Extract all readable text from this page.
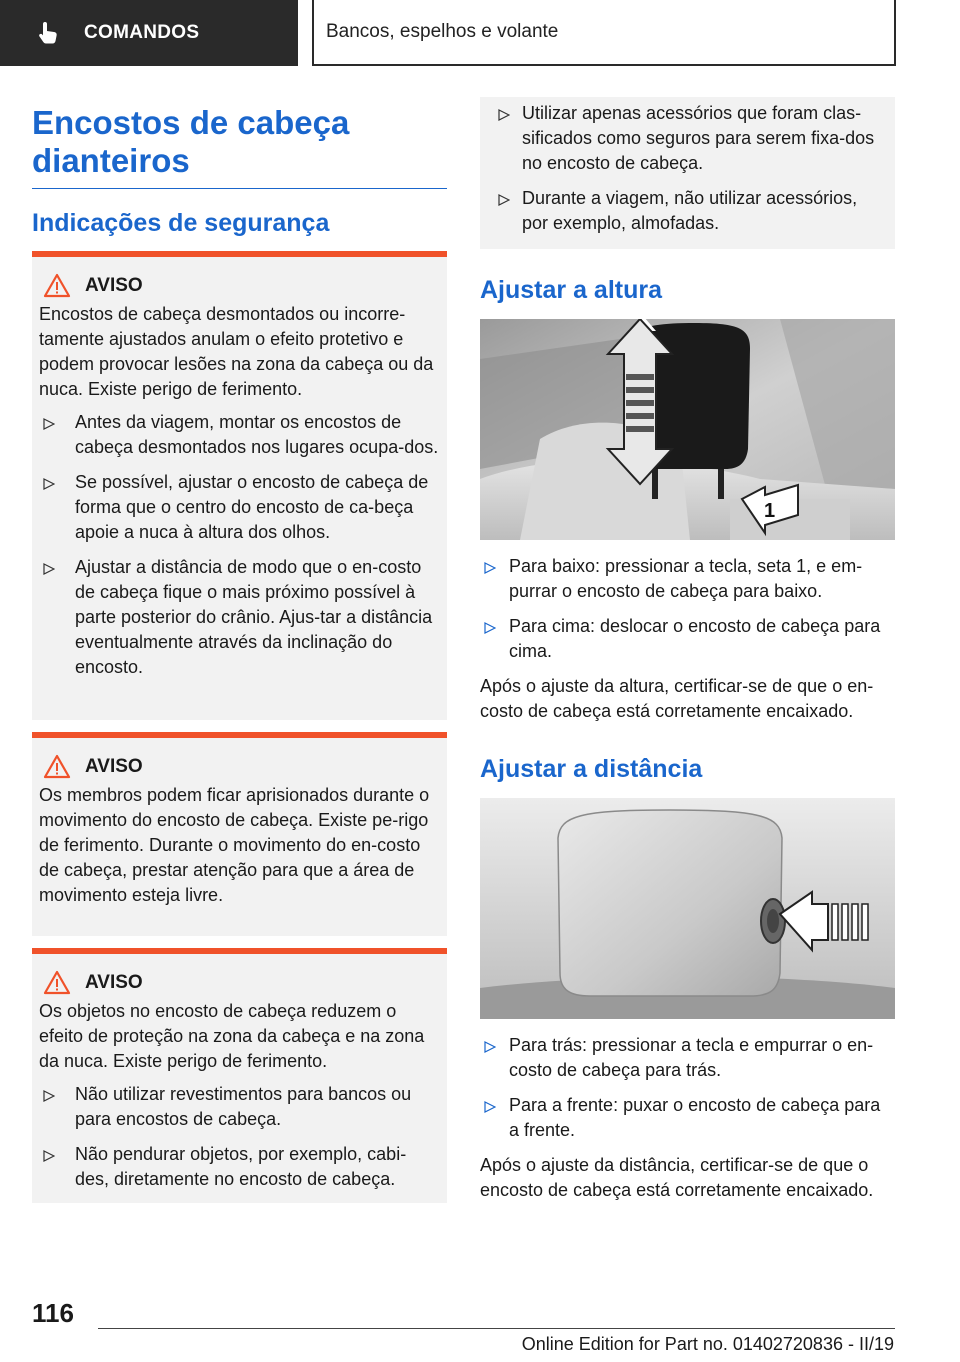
COMANDOS	Bancos, espelhos e volante
Encostos de cabeça dianteiros
Indicações de segurança
AVISO

Encostos de cabeça desmontados ou incorre-tamente ajustados anulam o efeito protetivo e podem provocar lesões na zona da cabeça ou da nuca. Existe perigo de ferimento.

Antes da viagem, montar os encostos de cabeça desmontados nos lugares ocupa-dos.
Se possível, ajustar o encosto de cabeça de forma que o centro do encosto de ca-beça apoie a nuca à altura dos olhos.
Ajustar a distância de modo que o en-costo de cabeça fique o mais próximo possível à parte posterior do crânio. Ajus-tar a distância eventualmente através da inclinação do encosto.
AVISO

Os membros podem ficar aprisionados durante o movimento do encosto de cabeça. Existe pe-rigo de ferimento. Durante o movimento do en-costo de cabeça, prestar atenção para que a área de movimento esteja livre.

AVISO

Os objetos no encosto de cabeça reduzem o efeito de proteção na zona da cabeça e na zona da nuca. Existe perigo de ferimento.

Não utilizar revestimentos para bancos ou para encostos de cabeça.
Não pendurar objetos, por exemplo, cabi-des, diretamente no encosto de cabeça.
Utilizar apenas acessórios que foram clas-sificados como seguros para serem fixa-dos no encosto de cabeça.
Durante a viagem, não utilizar acessórios, por exemplo, almofadas.
Ajustar a altura
1
Para baixo: pressionar a tecla, seta 1, e em-purrar o encosto de cabeça para baixo.
Para cima: deslocar o encosto de cabeça para cima.

Após o ajuste da altura, certificar-se de que o en-costo de cabeça está corretamente encaixado.

Ajustar a distância
Para trás: pressionar a tecla e empurrar o en-costo de cabeça para trás.
Para a frente: puxar o encosto de cabeça para a frente.

Após o ajuste da distância, certificar-se de que o encosto de cabeça está corretamente encaixado.

116
Online Edition for Part no. 01402720836 - II/19
